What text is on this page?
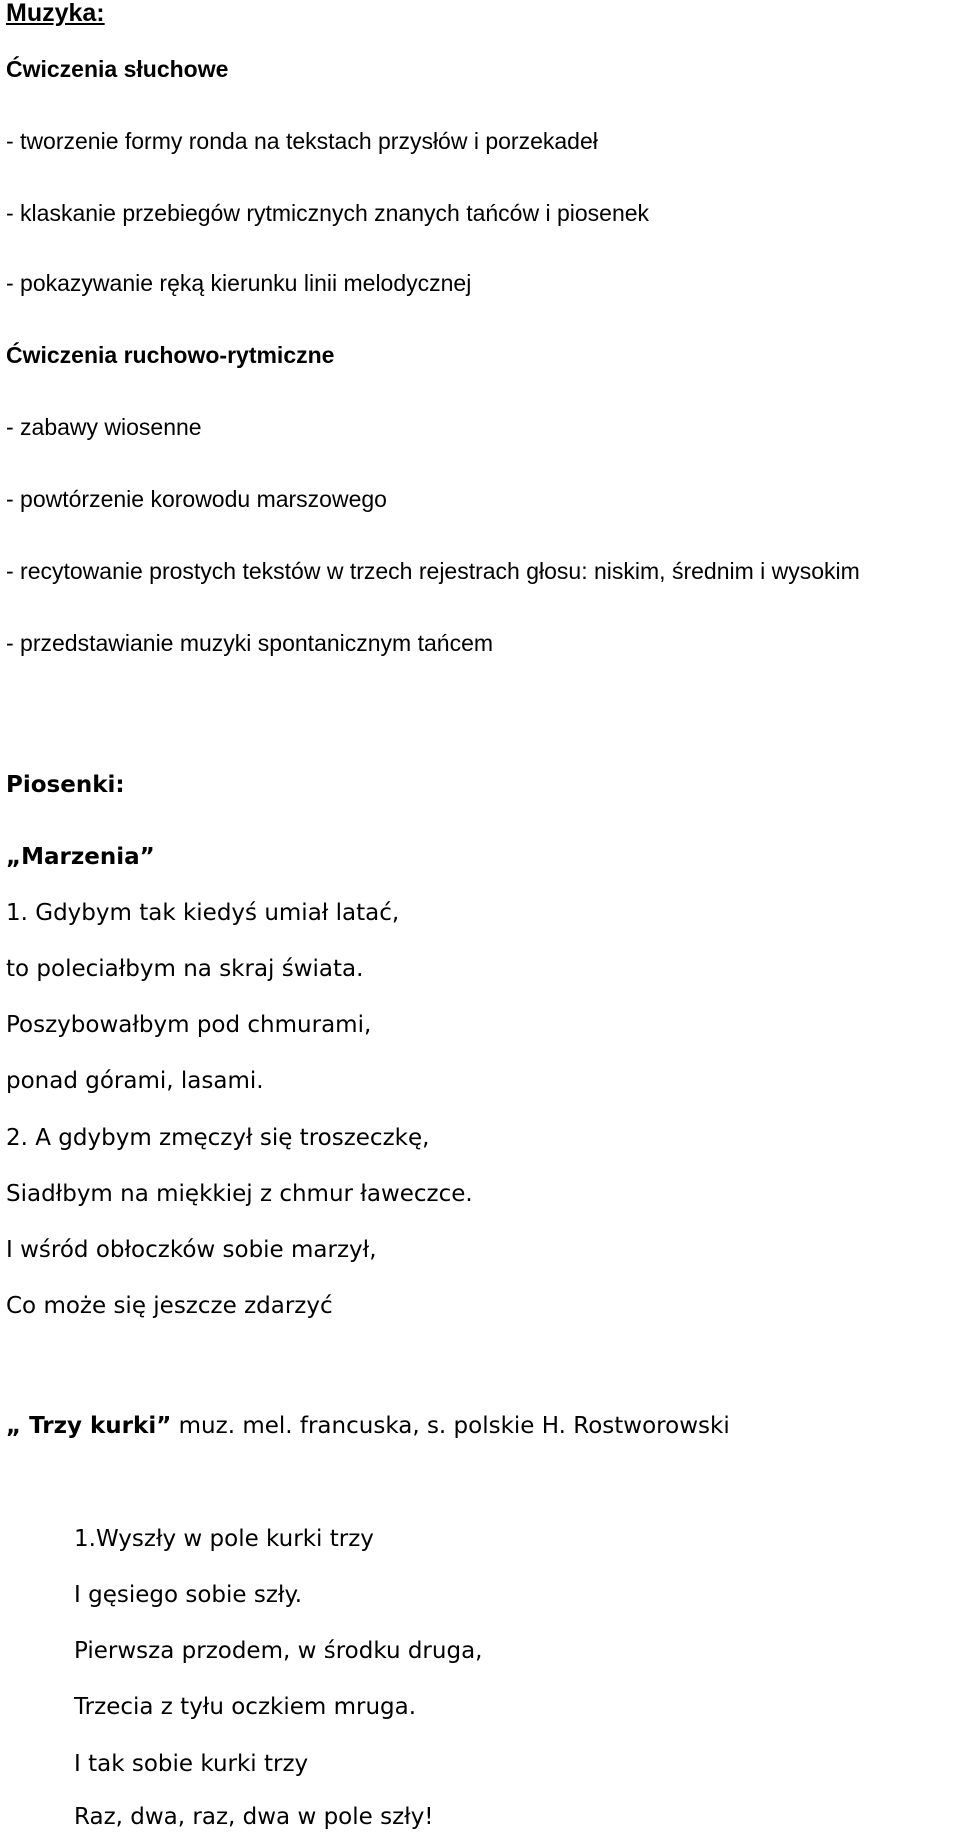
Muzyka:
Ćwiczenia słuchowe
- tworzenie formy ronda na tekstach przysłów i porzekadeł
- klaskanie przebiegów rytmicznych znanych tańców i piosenek
- pokazywanie ręką kierunku linii melodycznej
Ćwiczenia ruchowo-rytmiczne
- zabawy wiosenne
- powtórzenie korowodu marszowego
- recytowanie prostych tekstów w trzech rejestrach głosu: niskim, średnim i wysokim
- przedstawianie muzyki spontanicznym tańcem
Piosenki:
„Marzenia”
1. Gdybym tak kiedyś umiał latać,
to poleciałbym na skraj świata.
Poszybowałbym pod chmurami,
ponad górami, lasami.
2. A gdybym zmęczył się troszeczkę,
Siadłbym na miękkiej z chmur ławeczce.
I wśród obłoczków sobie marzył,
Co może się jeszcze zdarzyć
„ Trzy kurki” muz. mel. francuska, s. polskie H. Rostworowski
1.Wyszły w pole kurki trzy
I gęsiego sobie szły.
Pierwsza przodem, w środku druga,
Trzecia z tyłu oczkiem mruga.
I tak sobie kurki trzy
Raz, dwa, raz, dwa w pole szły!
